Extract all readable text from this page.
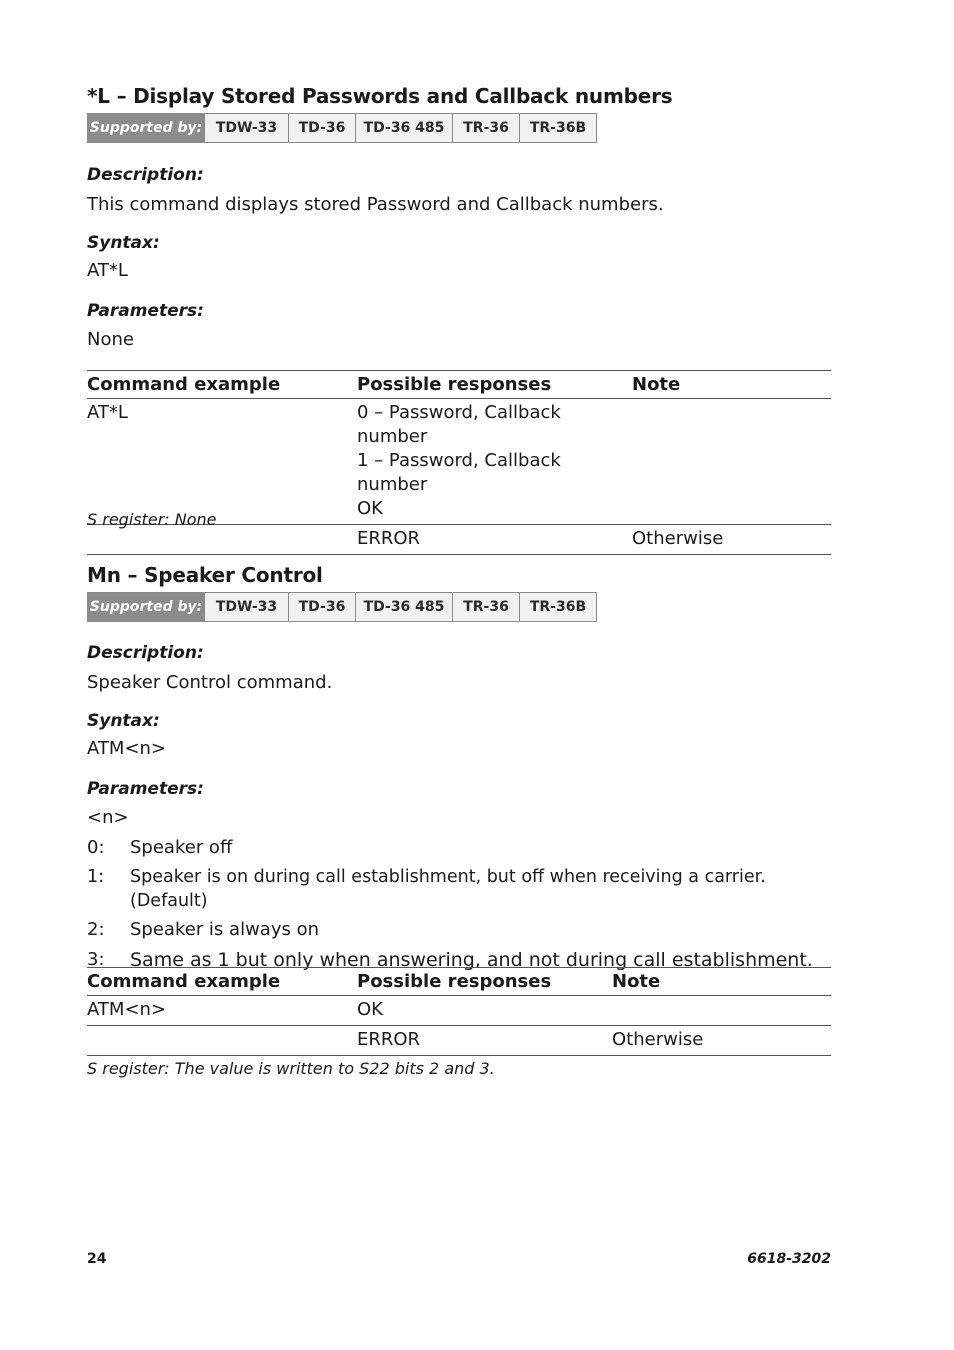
*L – Display Stored Passwords and Callback numbers
Supported by: TDW-33	TD-36	TD-36 485	TR-36	TR-36B

Description:

This command displays stored Password and Callback numbers.

Syntax:

AT*L

Parameters:

None

Command example	Possible responses	Note
AT*L	0 – Password, Callback number
1 – Password, Callback number
OK	

	ERROR	Otherwise

S register: None

Mn – Speaker Control
Supported by: TDW-33	TD-36	TD-36 485	TR-36	TR-36B

Description:

Speaker Control command.

Syntax:

ATM<n>

Parameters:

<n>

0:	Speaker off
1:	Speaker is on during call establishment, but off when receiving a carrier. (Default)
2:	Speaker is always on
3:	Same as 1 but only when answering, and not during call establishment.
Command example	Possible responses	Note
ATM<n>	OK	

	ERROR	Otherwise

S register: The value is written to S22 bits 2 and 3.

24	6618-3202
